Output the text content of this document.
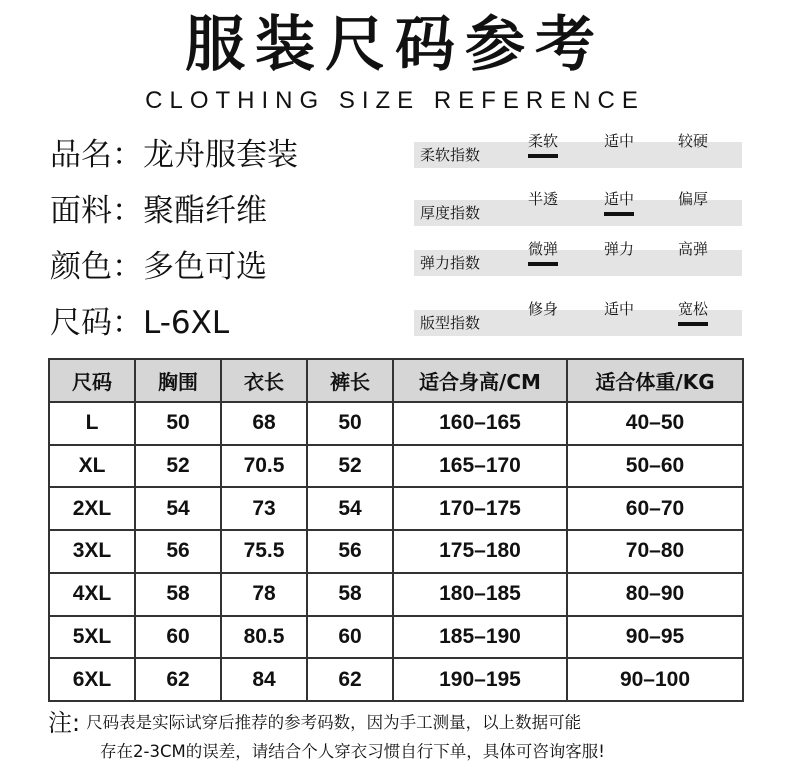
服装尺码参考
CLOTHING SIZE REFERENCE
品名：龙舟服套装
面料：聚酯纤维
颜色：多色可选
尺码：L-6XL
柔软指数
柔软	适中	较硬
厚度指数
半透	适中	偏厚
弹力指数
微弹	弹力	高弹
版型指数
修身	适中	宽松
尺码	胸围	衣长	裤长	适合身高/CM	适合体重/KG
L	50	68	50	160–165	40–50
XL	52	70.5	52	165–170	50–60
2XL	54	73	54	170–175	60–70
3XL	56	75.5	56	175–180	70–80
4XL	58	78	58	180–185	80–90
5XL	60	80.5	60	185–190	90–95
6XL	62	84	62	190–195	90–100
注: 尺码表是实际试穿后推荐的参考码数，因为手工测量，以上数据可能
存在2-3CM的误差，请结合个人穿衣习惯自行下单，具体可咨询客服!
